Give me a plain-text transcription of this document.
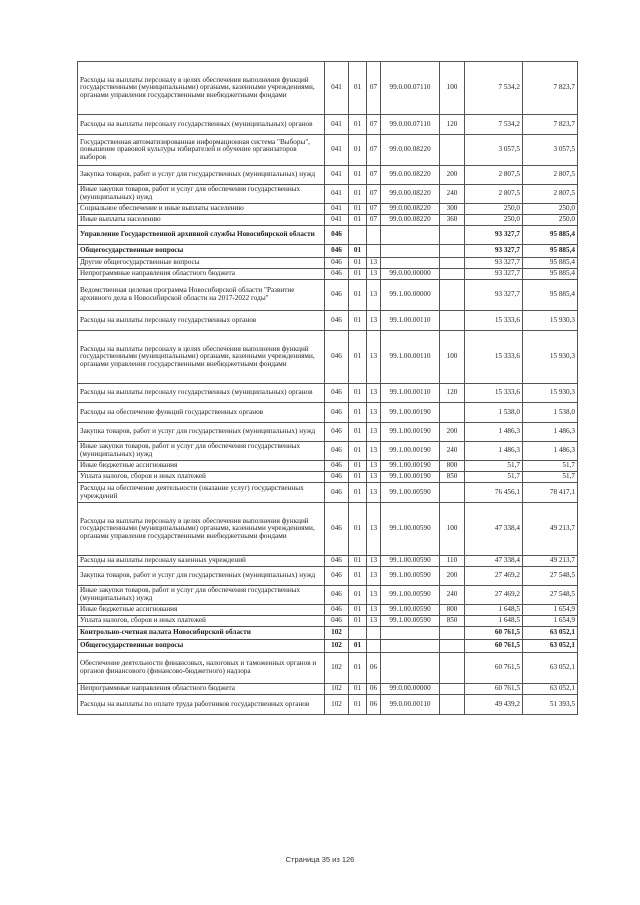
Расходы на выплаты персоналу в целях обеспечения выполнения функций государственными (муниципальными) органами, казенными учреждениями, органами управления государственными внебюджетными фондами	041	01	07	99.0.00.07110	100	7 534,2	7 823,7
Расходы на выплаты персоналу государственных (муниципальных) органов	041	01	07	99.0.00.07110	120	7 534,2	7 823,7
Государственная автоматизированная информационная система "Выборы", повышение правовой культуры избирателей и обучение организаторов выборов	041	01	07	99.0.00.08220		3 057,5	3 057,5
Закупка товаров, работ и услуг для государственных (муниципальных) нужд	041	01	07	99.0.00.08220	200	2 807,5	2 807,5
Иные закупки товаров, работ и услуг для обеспечения государственных (муниципальных) нужд	041	01	07	99.0.00.08220	240	2 807,5	2 807,5
Социальное обеспечение и иные выплаты населению	041	01	07	99.0.00.08220	300	250,0	250,0
Иные выплаты населению	041	01	07	99.0.00.08220	360	250,0	250,0
Управление Государственной архивной службы Новосибирской области	046					93 327,7	95 885,4
Общегосударственные вопросы	046	01				93 327,7	95 885,4
Другие общегосударственные вопросы	046	01	13			93 327,7	95 885,4
Непрограммные направления областного бюджета	046	01	13	99.0.00.00000		93 327,7	95 885,4
Ведомственная целевая программа Новосибирской области "Развитие архивного дела в Новосибирской области на 2017-2022 годы"	046	01	13	99.1.00.00000		93 327,7	95 885,4
Расходы на выплаты персоналу государственных органов	046	01	13	99.1.00.00110		15 333,6	15 930,3
Расходы на выплаты персоналу в целях обеспечения выполнения функций государственными (муниципальными) органами, казенными учреждениями, органами управления государственными внебюджетными фондами	046	01	13	99.1.00.00110	100	15 333,6	15 930,3
Расходы на выплаты персоналу государственных (муниципальных) органов	046	01	13	99.1.00.00110	120	15 333,6	15 930,3
Расходы на обеспечение функций государственных органов	046	01	13	99.1.00.00190		1 538,0	1 538,0
Закупка товаров, работ и услуг для государственных (муниципальных) нужд	046	01	13	99.1.00.00190	200	1 486,3	1 486,3
Иные закупки товаров, работ и услуг для обеспечения государственных (муниципальных) нужд	046	01	13	99.1.00.00190	240	1 486,3	1 486,3
Иные бюджетные ассигнования	046	01	13	99.1.00.00190	800	51,7	51,7
Уплата налогов, сборов и иных платежей	046	01	13	99.1.00.00190	850	51,7	51,7
Расходы на обеспечение деятельности (оказание услуг) государственных учреждений	046	01	13	99.1.00.00590		76 456,1	78 417,1
Расходы на выплаты персоналу в целях обеспечения выполнения функций государственными (муниципальными) органами, казенными учреждениями, органами управления государственными внебюджетными фондами	046	01	13	99.1.00.00590	100	47 338,4	49 213,7
Расходы на выплаты персоналу казенных учреждений	046	01	13	99.1.00.00590	110	47 338,4	49 213,7
Закупка товаров, работ и услуг для государственных (муниципальных) нужд	046	01	13	99.1.00.00590	200	27 469,2	27 548,5
Иные закупки товаров, работ и услуг для обеспечения государственных (муниципальных) нужд	046	01	13	99.1.00.00590	240	27 469,2	27 548,5
Иные бюджетные ассигнования	046	01	13	99.1.00.00590	800	1 648,5	1 654,9
Уплата налогов, сборов и иных платежей	046	01	13	99.1.00.00590	850	1 648,5	1 654,9
Контрольно-счетная палата Новосибирской области	102					60 761,5	63 052,1
Общегосударственные вопросы	102	01				60 761,5	63 052,1
Обеспечение деятельности финансовых, налоговых и таможенных органов и органов финансового (финансово-бюджетного) надзора	102	01	06			60 761,5	63 052,1
Непрограммные направления областного бюджета	102	01	06	99.0.00.00000		60 761,5	63 052,1
Расходы на выплаты по оплате труда работников государственных органов	102	01	06	99.0.00.00110		49 439,2	51 393,5
Страница 35 из 126
